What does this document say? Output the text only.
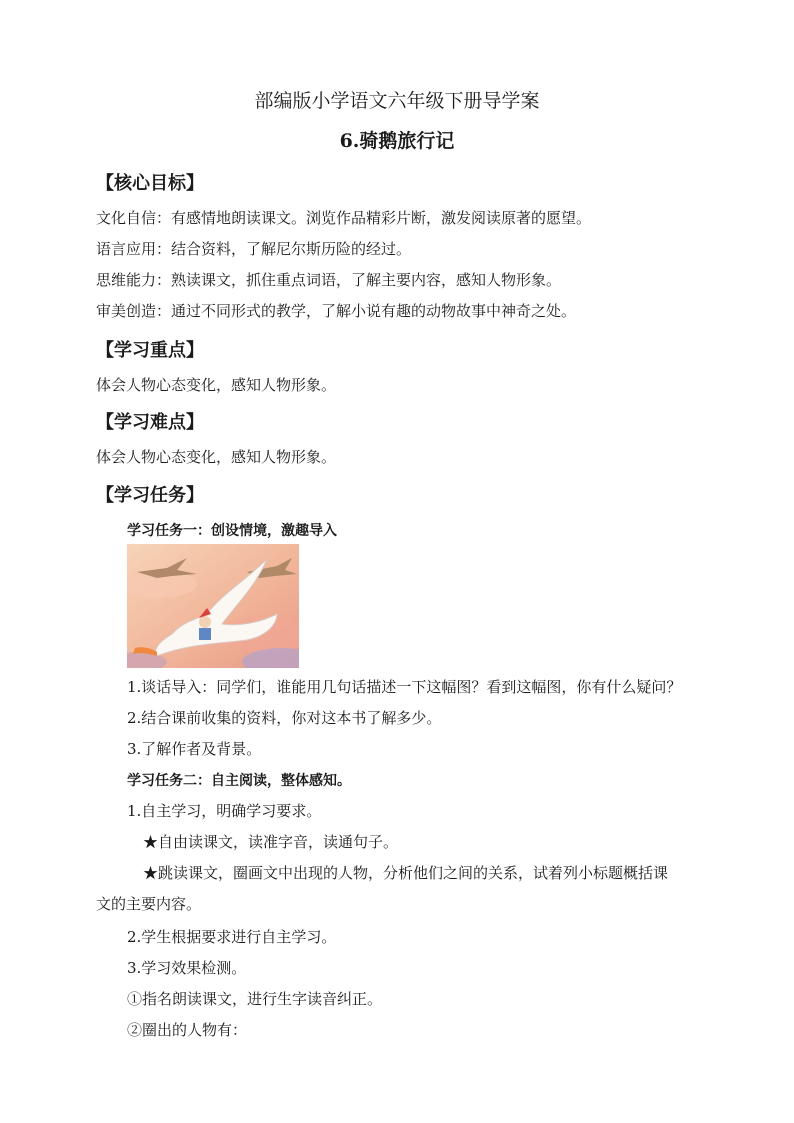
部编版小学语文六年级下册导学案
6.骑鹅旅行记
【核心目标】
文化自信：有感情地朗读课文。浏览作品精彩片断，激发阅读原著的愿望。
语言应用：结合资料，了解尼尔斯历险的经过。
思维能力：熟读课文，抓住重点词语，了解主要内容，感知人物形象。
审美创造：通过不同形式的教学，了解小说有趣的动物故事中神奇之处。
【学习重点】
体会人物心态变化，感知人物形象。
【学习难点】
体会人物心态变化，感知人物形象。
【学习任务】
学习任务一：创设情境，激趣导入
1.谈话导入：同学们，谁能用几句话描述一下这幅图？看到这幅图，你有什么疑问？
2.结合课前收集的资料，你对这本书了解多少。
3.了解作者及背景。
学习任务二：自主阅读，整体感知。
1.自主学习，明确学习要求。
★自由读课文，读准字音，读通句子。
★跳读课文，圈画文中出现的人物，分析他们之间的关系，试着列小标题概括课
文的主要内容。
2.学生根据要求进行自主学习。
3.学习效果检测。
①指名朗读课文，进行生字读音纠正。
②圈出的人物有：
